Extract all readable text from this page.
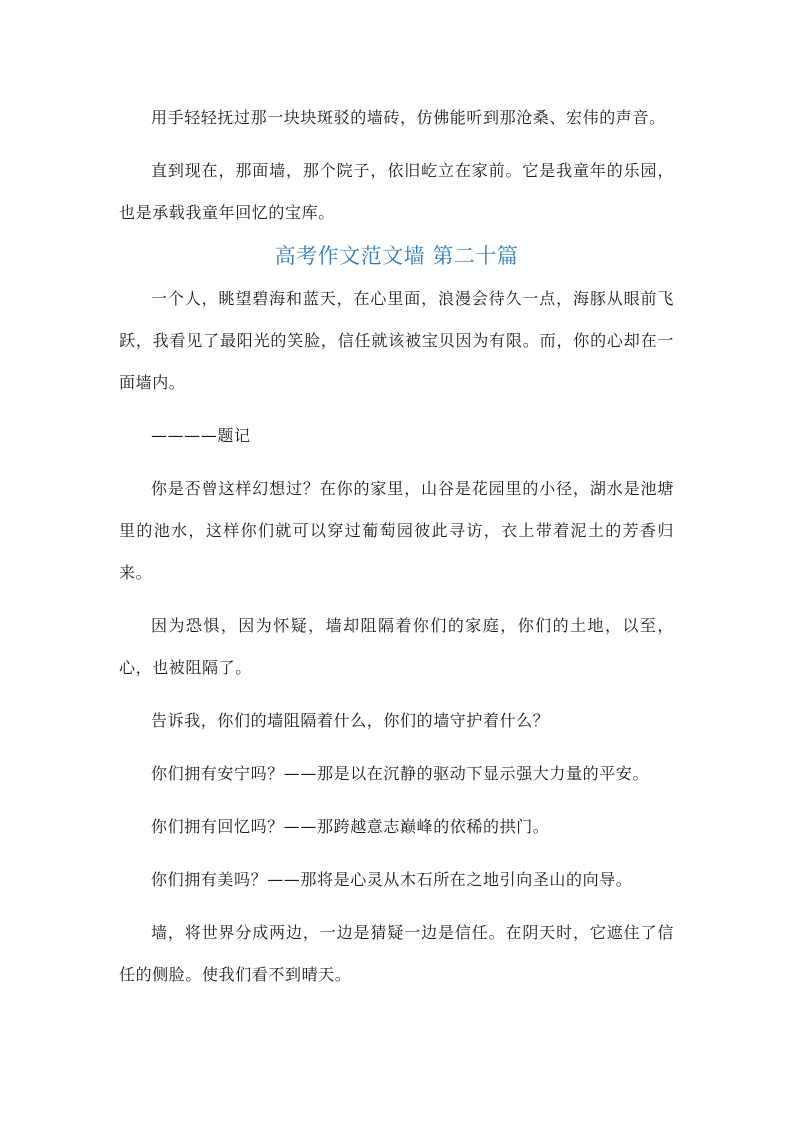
用手轻轻抚过那一块块斑驳的墙砖，仿佛能听到那沧桑、宏伟的声音。

直到现在，那面墙，那个院子，依旧屹立在家前。它是我童年的乐园，也是承载我童年回忆的宝库。

高考作文范文墙 第二十篇

一个人，眺望碧海和蓝天，在心里面，浪漫会待久一点，海豚从眼前飞跃，我看见了最阳光的笑脸，信任就该被宝贝因为有限。而，你的心却在一面墙内。

————题记

你是否曾这样幻想过？在你的家里，山谷是花园里的小径，湖水是池塘里的池水，这样你们就可以穿过葡萄园彼此寻访，衣上带着泥土的芳香归来。

因为恐惧，因为怀疑，墙却阻隔着你们的家庭，你们的土地，以至，心，也被阻隔了。

告诉我，你们的墙阻隔着什么，你们的墙守护着什么？

你们拥有安宁吗？——那是以在沉静的驱动下显示强大力量的平安。

你们拥有回忆吗？——那跨越意志巅峰的依稀的拱门。

你们拥有美吗？——那将是心灵从木石所在之地引向圣山的向导。

墙，将世界分成两边，一边是猜疑一边是信任。在阴天时，它遮住了信任的侧脸。使我们看不到晴天。
